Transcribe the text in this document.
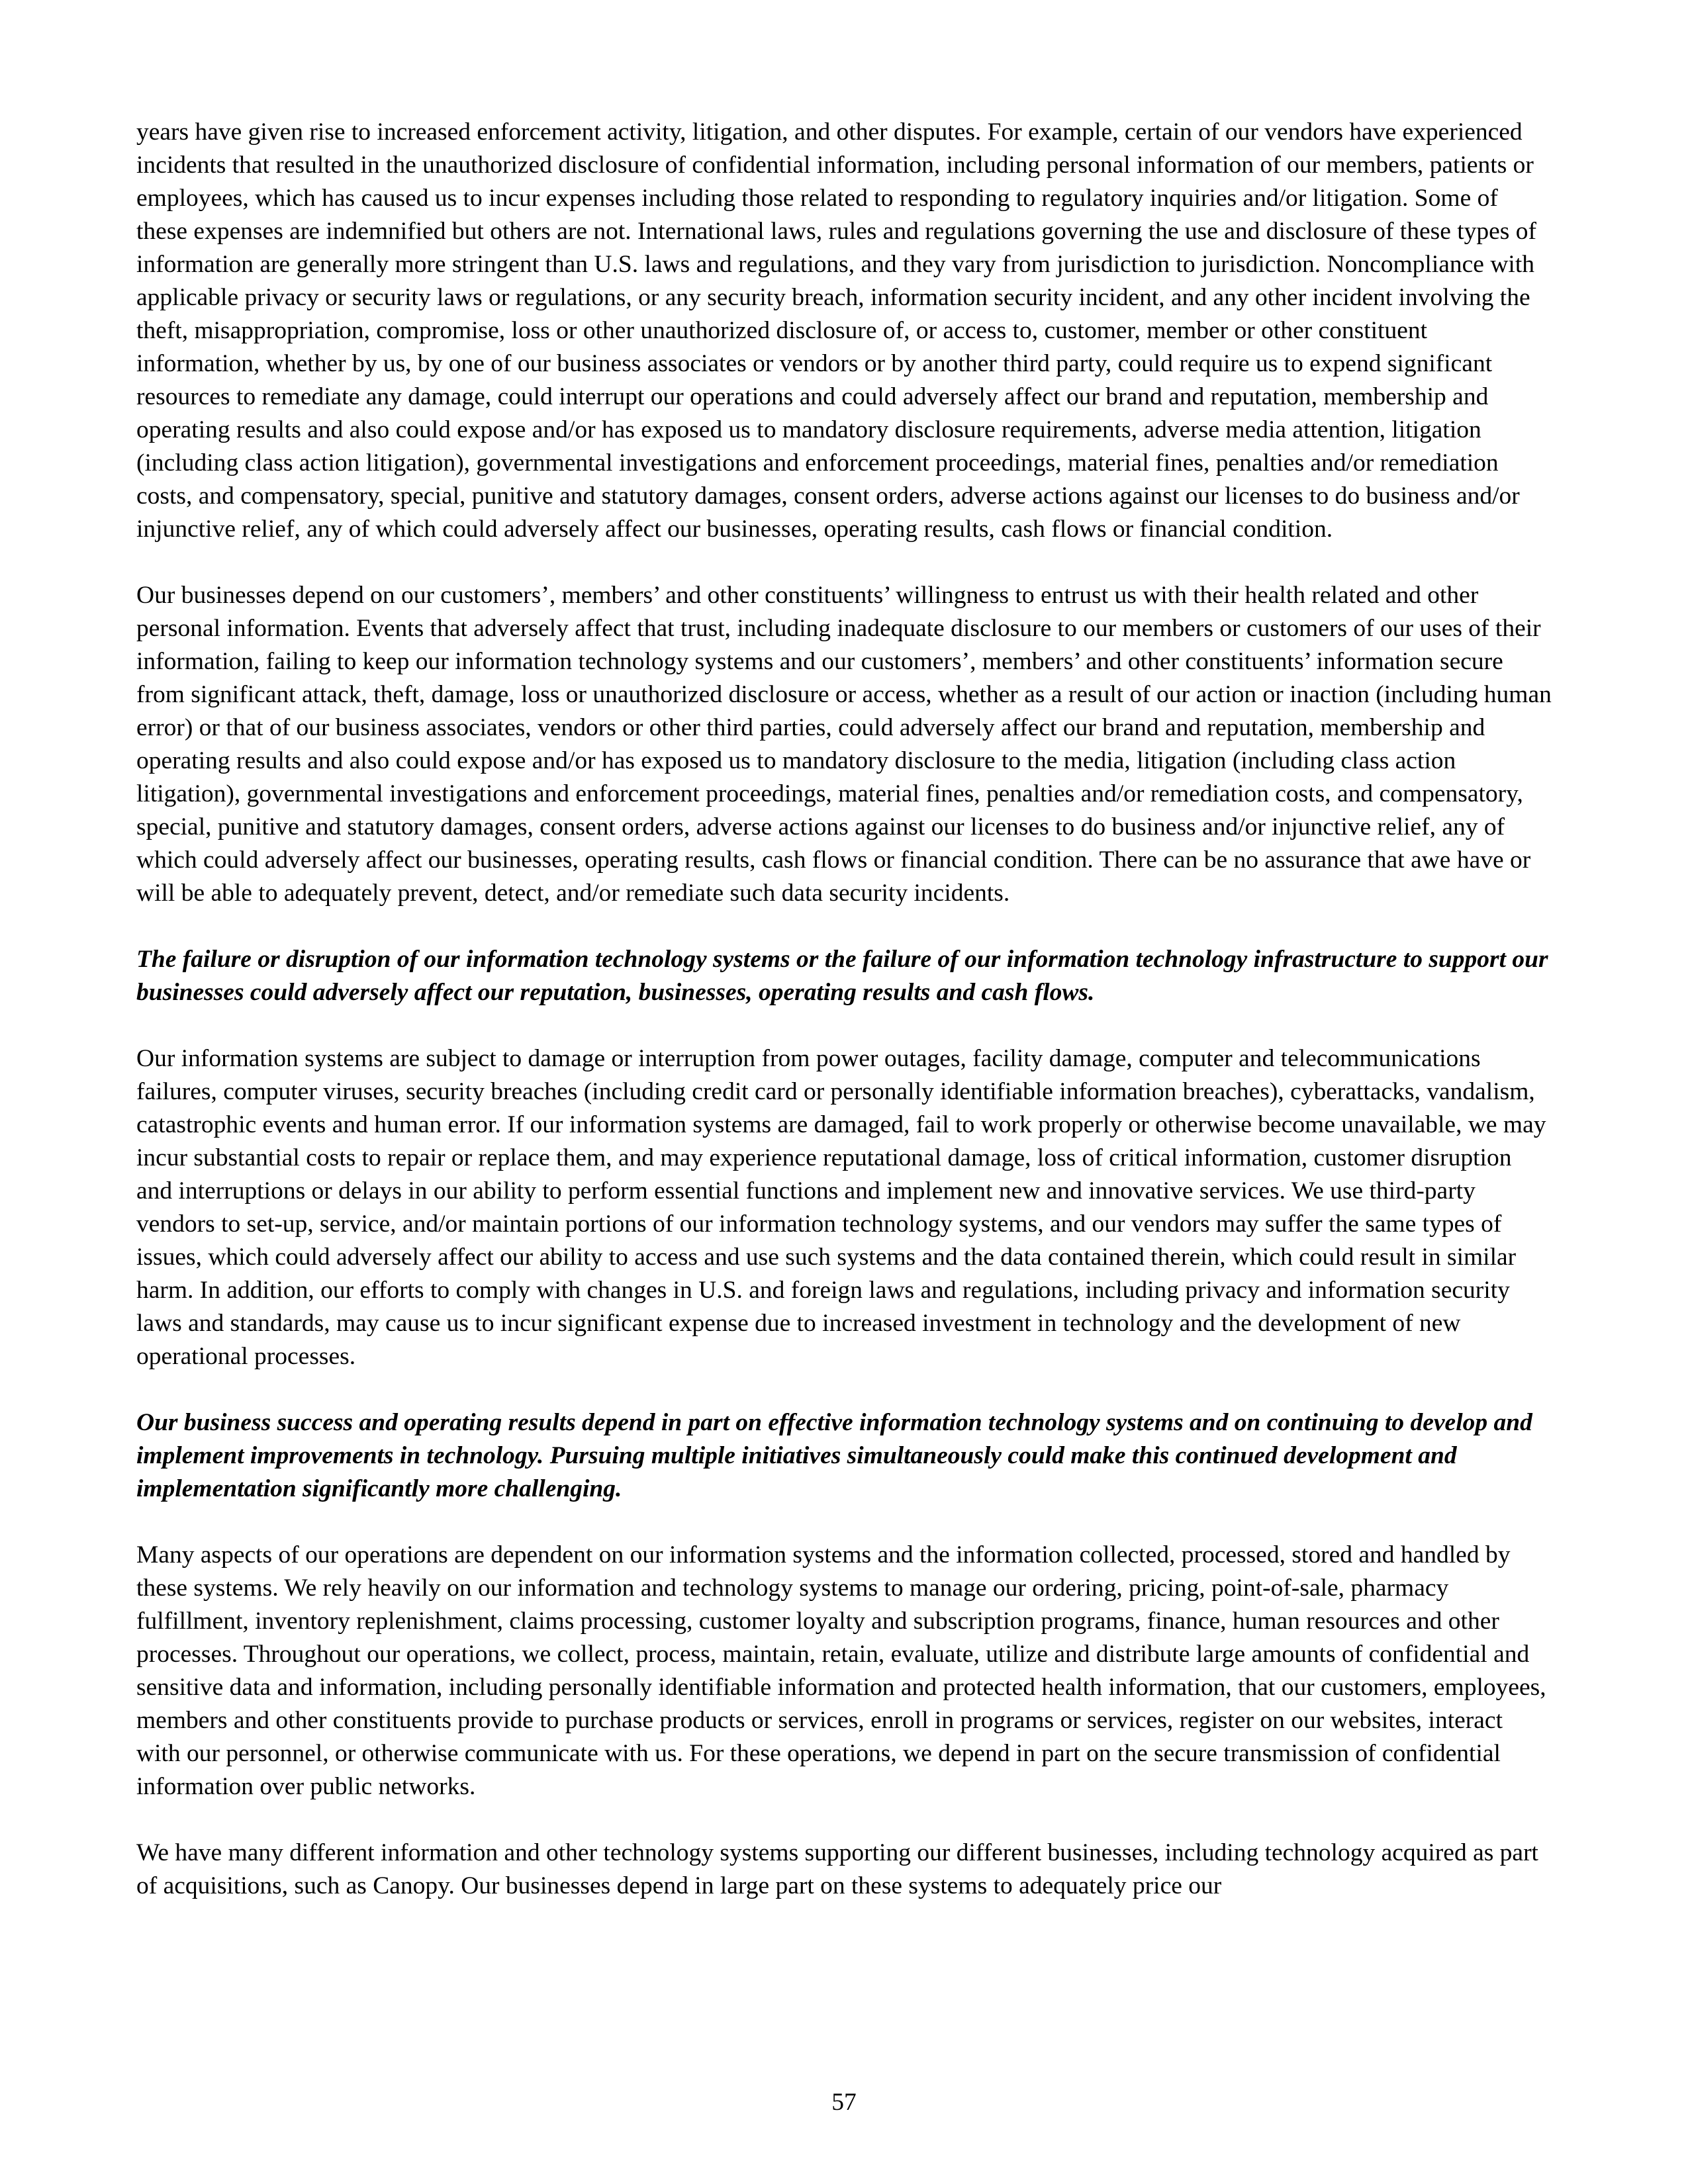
years have given rise to increased enforcement activity, litigation, and other disputes. For example, certain of our vendors have experienced incidents that resulted in the unauthorized disclosure of confidential information, including personal information of our members, patients or employees, which has caused us to incur expenses including those related to responding to regulatory inquiries and/or litigation. Some of these expenses are indemnified but others are not. International laws, rules and regulations governing the use and disclosure of these types of information are generally more stringent than U.S. laws and regulations, and they vary from jurisdiction to jurisdiction. Noncompliance with applicable privacy or security laws or regulations, or any security breach, information security incident, and any other incident involving the theft, misappropriation, compromise, loss or other unauthorized disclosure of, or access to, customer, member or other constituent information, whether by us, by one of our business associates or vendors or by another third party, could require us to expend significant resources to remediate any damage, could interrupt our operations and could adversely affect our brand and reputation, membership and operating results and also could expose and/or has exposed us to mandatory disclosure requirements, adverse media attention, litigation (including class action litigation), governmental investigations and enforcement proceedings, material fines, penalties and/or remediation costs, and compensatory, special, punitive and statutory damages, consent orders, adverse actions against our licenses to do business and/or injunctive relief, any of which could adversely affect our businesses, operating results, cash flows or financial condition.

Our businesses depend on our customers’, members’ and other constituents’ willingness to entrust us with their health related and other personal information. Events that adversely affect that trust, including inadequate disclosure to our members or customers of our uses of their information, failing to keep our information technology systems and our customers’, members’ and other constituents’ information secure from significant attack, theft, damage, loss or unauthorized disclosure or access, whether as a result of our action or inaction (including human error) or that of our business associates, vendors or other third parties, could adversely affect our brand and reputation, membership and operating results and also could expose and/or has exposed us to mandatory disclosure to the media, litigation (including class action litigation), governmental investigations and enforcement proceedings, material fines, penalties and/or remediation costs, and compensatory, special, punitive and statutory damages, consent orders, adverse actions against our licenses to do business and/or injunctive relief, any of which could adversely affect our businesses, operating results, cash flows or financial condition. There can be no assurance that awe have or will be able to adequately prevent, detect, and/or remediate such data security incidents.

The failure or disruption of our information technology systems or the failure of our information technology infrastructure to support our businesses could adversely affect our reputation, businesses, operating results and cash flows.

Our information systems are subject to damage or interruption from power outages, facility damage, computer and telecommunications failures, computer viruses, security breaches (including credit card or personally identifiable information breaches), cyberattacks, vandalism, catastrophic events and human error. If our information systems are damaged, fail to work properly or otherwise become unavailable, we may incur substantial costs to repair or replace them, and may experience reputational damage, loss of critical information, customer disruption and interruptions or delays in our ability to perform essential functions and implement new and innovative services. We use third-party vendors to set-up, service, and/or maintain portions of our information technology systems, and our vendors may suffer the same types of issues, which could adversely affect our ability to access and use such systems and the data contained therein, which could result in similar harm. In addition, our efforts to comply with changes in U.S. and foreign laws and regulations, including privacy and information security laws and standards, may cause us to incur significant expense due to increased investment in technology and the development of new operational processes.

Our business success and operating results depend in part on effective information technology systems and on continuing to develop and implement improvements in technology. Pursuing multiple initiatives simultaneously could make this continued development and implementation significantly more challenging.

Many aspects of our operations are dependent on our information systems and the information collected, processed, stored and handled by these systems. We rely heavily on our information and technology systems to manage our ordering, pricing, point-of-sale, pharmacy fulfillment, inventory replenishment, claims processing, customer loyalty and subscription programs, finance, human resources and other processes. Throughout our operations, we collect, process, maintain, retain, evaluate, utilize and distribute large amounts of confidential and sensitive data and information, including personally identifiable information and protected health information, that our customers, employees, members and other constituents provide to purchase products or services, enroll in programs or services, register on our websites, interact with our personnel, or otherwise communicate with us. For these operations, we depend in part on the secure transmission of confidential information over public networks.

We have many different information and other technology systems supporting our different businesses, including technology acquired as part of acquisitions, such as Canopy. Our businesses depend in large part on these systems to adequately price our

57
